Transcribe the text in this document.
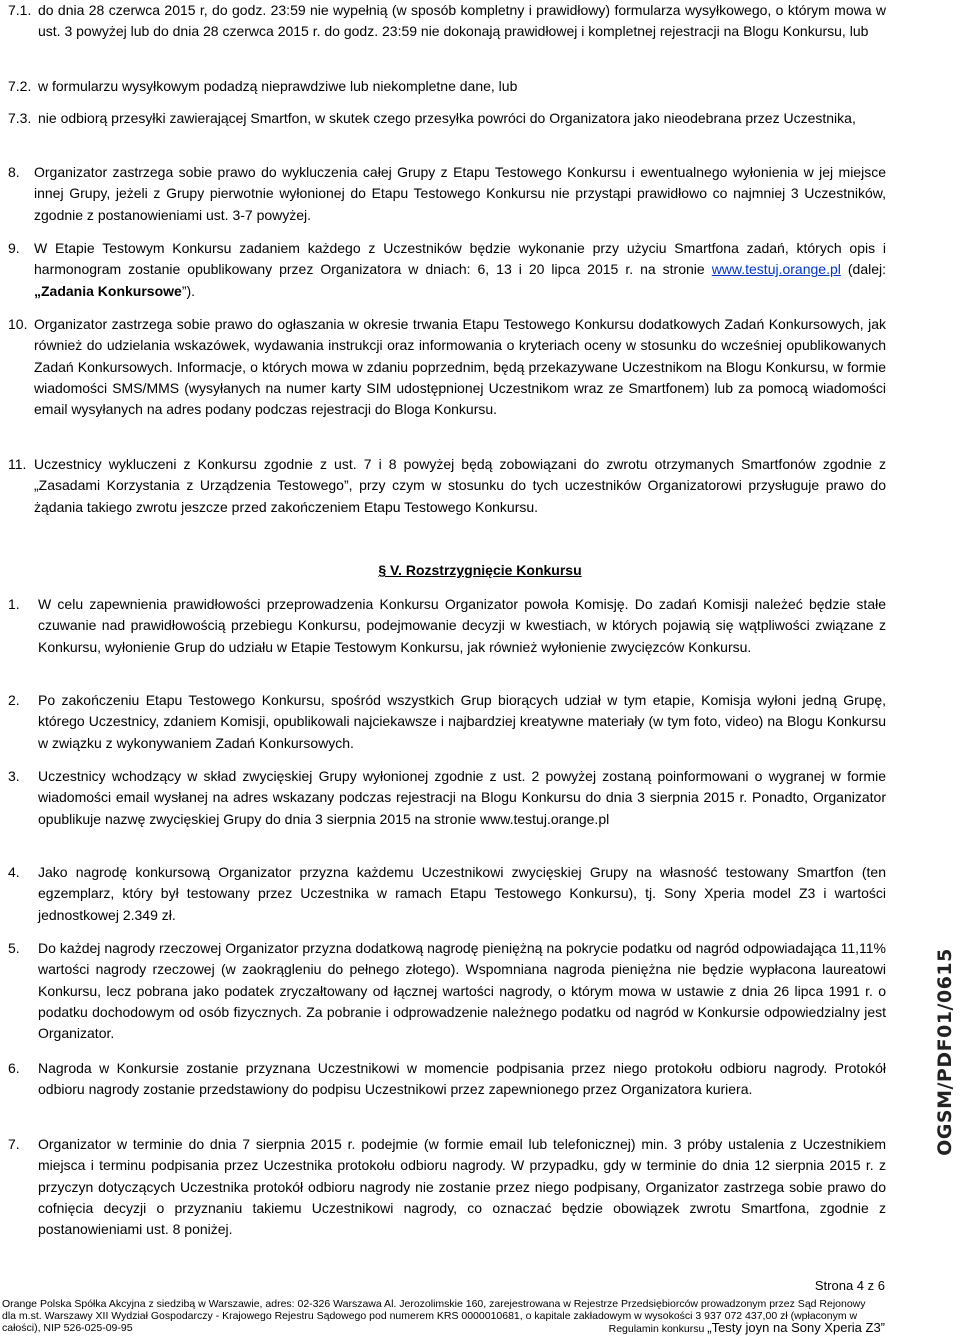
7.1. do dnia 28 czerwca 2015 r, do godz. 23:59 nie wypełnią (w sposób kompletny i prawidłowy) formularza wysyłkowego, o którym mowa w ust. 3 powyżej lub do dnia 28 czerwca 2015 r. do godz. 23:59 nie dokonają prawidłowej i kompletnej rejestracji na Blogu Konkursu, lub
7.2. w formularzu wysyłkowym podadzą nieprawdziwe lub niekompletne dane, lub
7.3. nie odbiorą przesyłki zawierającej Smartfon, w skutek czego przesyłka powróci do Organizatora jako nieodebrana przez Uczestnika,
8. Organizator zastrzega sobie prawo do wykluczenia całej Grupy z Etapu Testowego Konkursu i ewentualnego wyłonienia w jej miejsce innej Grupy, jeżeli z Grupy pierwotnie wyłonionej do Etapu Testowego Konkursu nie przystąpi prawidłowo co najmniej 3 Uczestników, zgodnie z postanowieniami ust. 3-7 powyżej.
9. W Etapie Testowym Konkursu zadaniem każdego z Uczestników będzie wykonanie przy użyciu Smartfona zadań, których opis i harmonogram zostanie opublikowany przez Organizatora w dniach: 6, 13 i 20 lipca 2015 r. na stronie www.testuj.orange.pl (dalej: „Zadania Konkursowe”).
10. Organizator zastrzega sobie prawo do ogłaszania w okresie trwania Etapu Testowego Konkursu dodatkowych Zadań Konkursowych, jak również do udzielania wskazówek, wydawania instrukcji oraz informowania o kryteriach oceny w stosunku do wcześniej opublikowanych Zadań Konkursowych. Informacje, o których mowa w zdaniu poprzednim, będą przekazywane Uczestnikom na Blogu Konkursu, w formie wiadomości SMS/MMS (wysyłanych na numer karty SIM udostępnionej Uczestnikom wraz ze Smartfonem) lub za pomocą wiadomości email wysyłanych na adres podany podczas rejestracji do Bloga Konkursu.
11. Uczestnicy wykluczeni z Konkursu zgodnie z ust. 7 i 8 powyżej będą zobowiązani do zwrotu otrzymanych Smartfonów zgodnie z „Zasadami Korzystania z Urządzenia Testowego”, przy czym w stosunku do tych uczestników Organizatorowi przysługuje prawo do żądania takiego zwrotu jeszcze przed zakończeniem Etapu Testowego Konkursu.
§ V. Rozstrzygnięcie Konkursu
1. W celu zapewnienia prawidłowości przeprowadzenia Konkursu Organizator powoła Komisję. Do zadań Komisji należeć będzie stałe czuwanie nad prawidłowością przebiegu Konkursu, podejmowanie decyzji w kwestiach, w których pojawią się wątpliwości związane z Konkursu, wyłonienie Grup do udziału w Etapie Testowym Konkursu, jak również wyłonienie zwycięzców Konkursu.
2. Po zakończeniu Etapu Testowego Konkursu, spośród wszystkich Grup biorących udział w tym etapie, Komisja wyłoni jedną Grupę, którego Uczestnicy, zdaniem Komisji, opublikowali najciekawsze i najbardziej kreatywne materiały (w tym foto, video) na Blogu Konkursu w związku z wykonywaniem Zadań Konkursowych.
3. Uczestnicy wchodzący w skład zwycięskiej Grupy wyłonionej zgodnie z ust. 2 powyżej zostaną poinformowani o wygranej w formie wiadomości email wysłanej na adres wskazany podczas rejestracji na Blogu Konkursu do dnia 3 sierpnia 2015 r. Ponadto, Organizator opublikuje nazwę zwycięskiej Grupy do dnia 3 sierpnia 2015 na stronie www.testuj.orange.pl
4. Jako nagrodę konkursową Organizator przyzna każdemu Uczestnikowi zwycięskiej Grupy na własność testowany Smartfon (ten egzemplarz, który był testowany przez Uczestnika w ramach Etapu Testowego Konkursu), tj. Sony Xperia model Z3 i wartości jednostkowej 2.349 zł.
5. Do każdej nagrody rzeczowej Organizator przyzna dodatkową nagrodę pieniężną na pokrycie podatku od nagród odpowiadająca 11,11% wartości nagrody rzeczowej (w zaokrągleniu do pełnego złotego). Wspomniana nagroda pieniężna nie będzie wypłacona laureatowi Konkursu, lecz pobrana jako podatek zryczałtowany od łącznej wartości nagrody, o którym mowa w ustawie z dnia 26 lipca 1991 r. o podatku dochodowym od osób fizycznych. Za pobranie i odprowadzenie należnego podatku od nagród w Konkursie odpowiedzialny jest Organizator.
6. Nagroda w Konkursie zostanie przyznana Uczestnikowi w momencie podpisania przez niego protokołu odbioru nagrody. Protokół odbioru nagrody zostanie przedstawiony do podpisu Uczestnikowi przez zapewnionego przez Organizatora kuriera.
7. Organizator w terminie do dnia 7 sierpnia 2015 r. podejmie (w formie email lub telefonicznej) min. 3 próby ustalenia z Uczestnikiem miejsca i terminu podpisania przez Uczestnika protokołu odbioru nagrody. W przypadku, gdy w terminie do dnia 12 sierpnia 2015 r. z przyczyn dotyczących Uczestnika protokół odbioru nagrody nie zostanie przez niego podpisany, Organizator zastrzega sobie prawo do cofnięcia decyzji o przyznaniu takiemu Uczestnikowi nagrody, co oznaczać będzie obowiązek zwrotu Smartfona, zgodnie z postanowieniami ust. 8 poniżej.
OGSM/PDF01/0615
Strona 4 z 6
Orange Polska Spółka Akcyjna z siedzibą w Warszawie, adres: 02-326 Warszawa Al. Jerozolimskie 160, zarejestrowana w Rejestrze Przedsiębiorców prowadzonym przez Sąd Rejonowy
dla m.st. Warszawy XII Wydział Gospodarczy - Krajowego Rejestru Sądowego pod numerem KRS 0000010681, o kapitale zakładowym w wysokości 3 937 072 437,00 zł (wpłaconym w
całości), NIP 526-025-09-95	Regulamin konkursu „Testy joyn na Sony Xperia Z3”
